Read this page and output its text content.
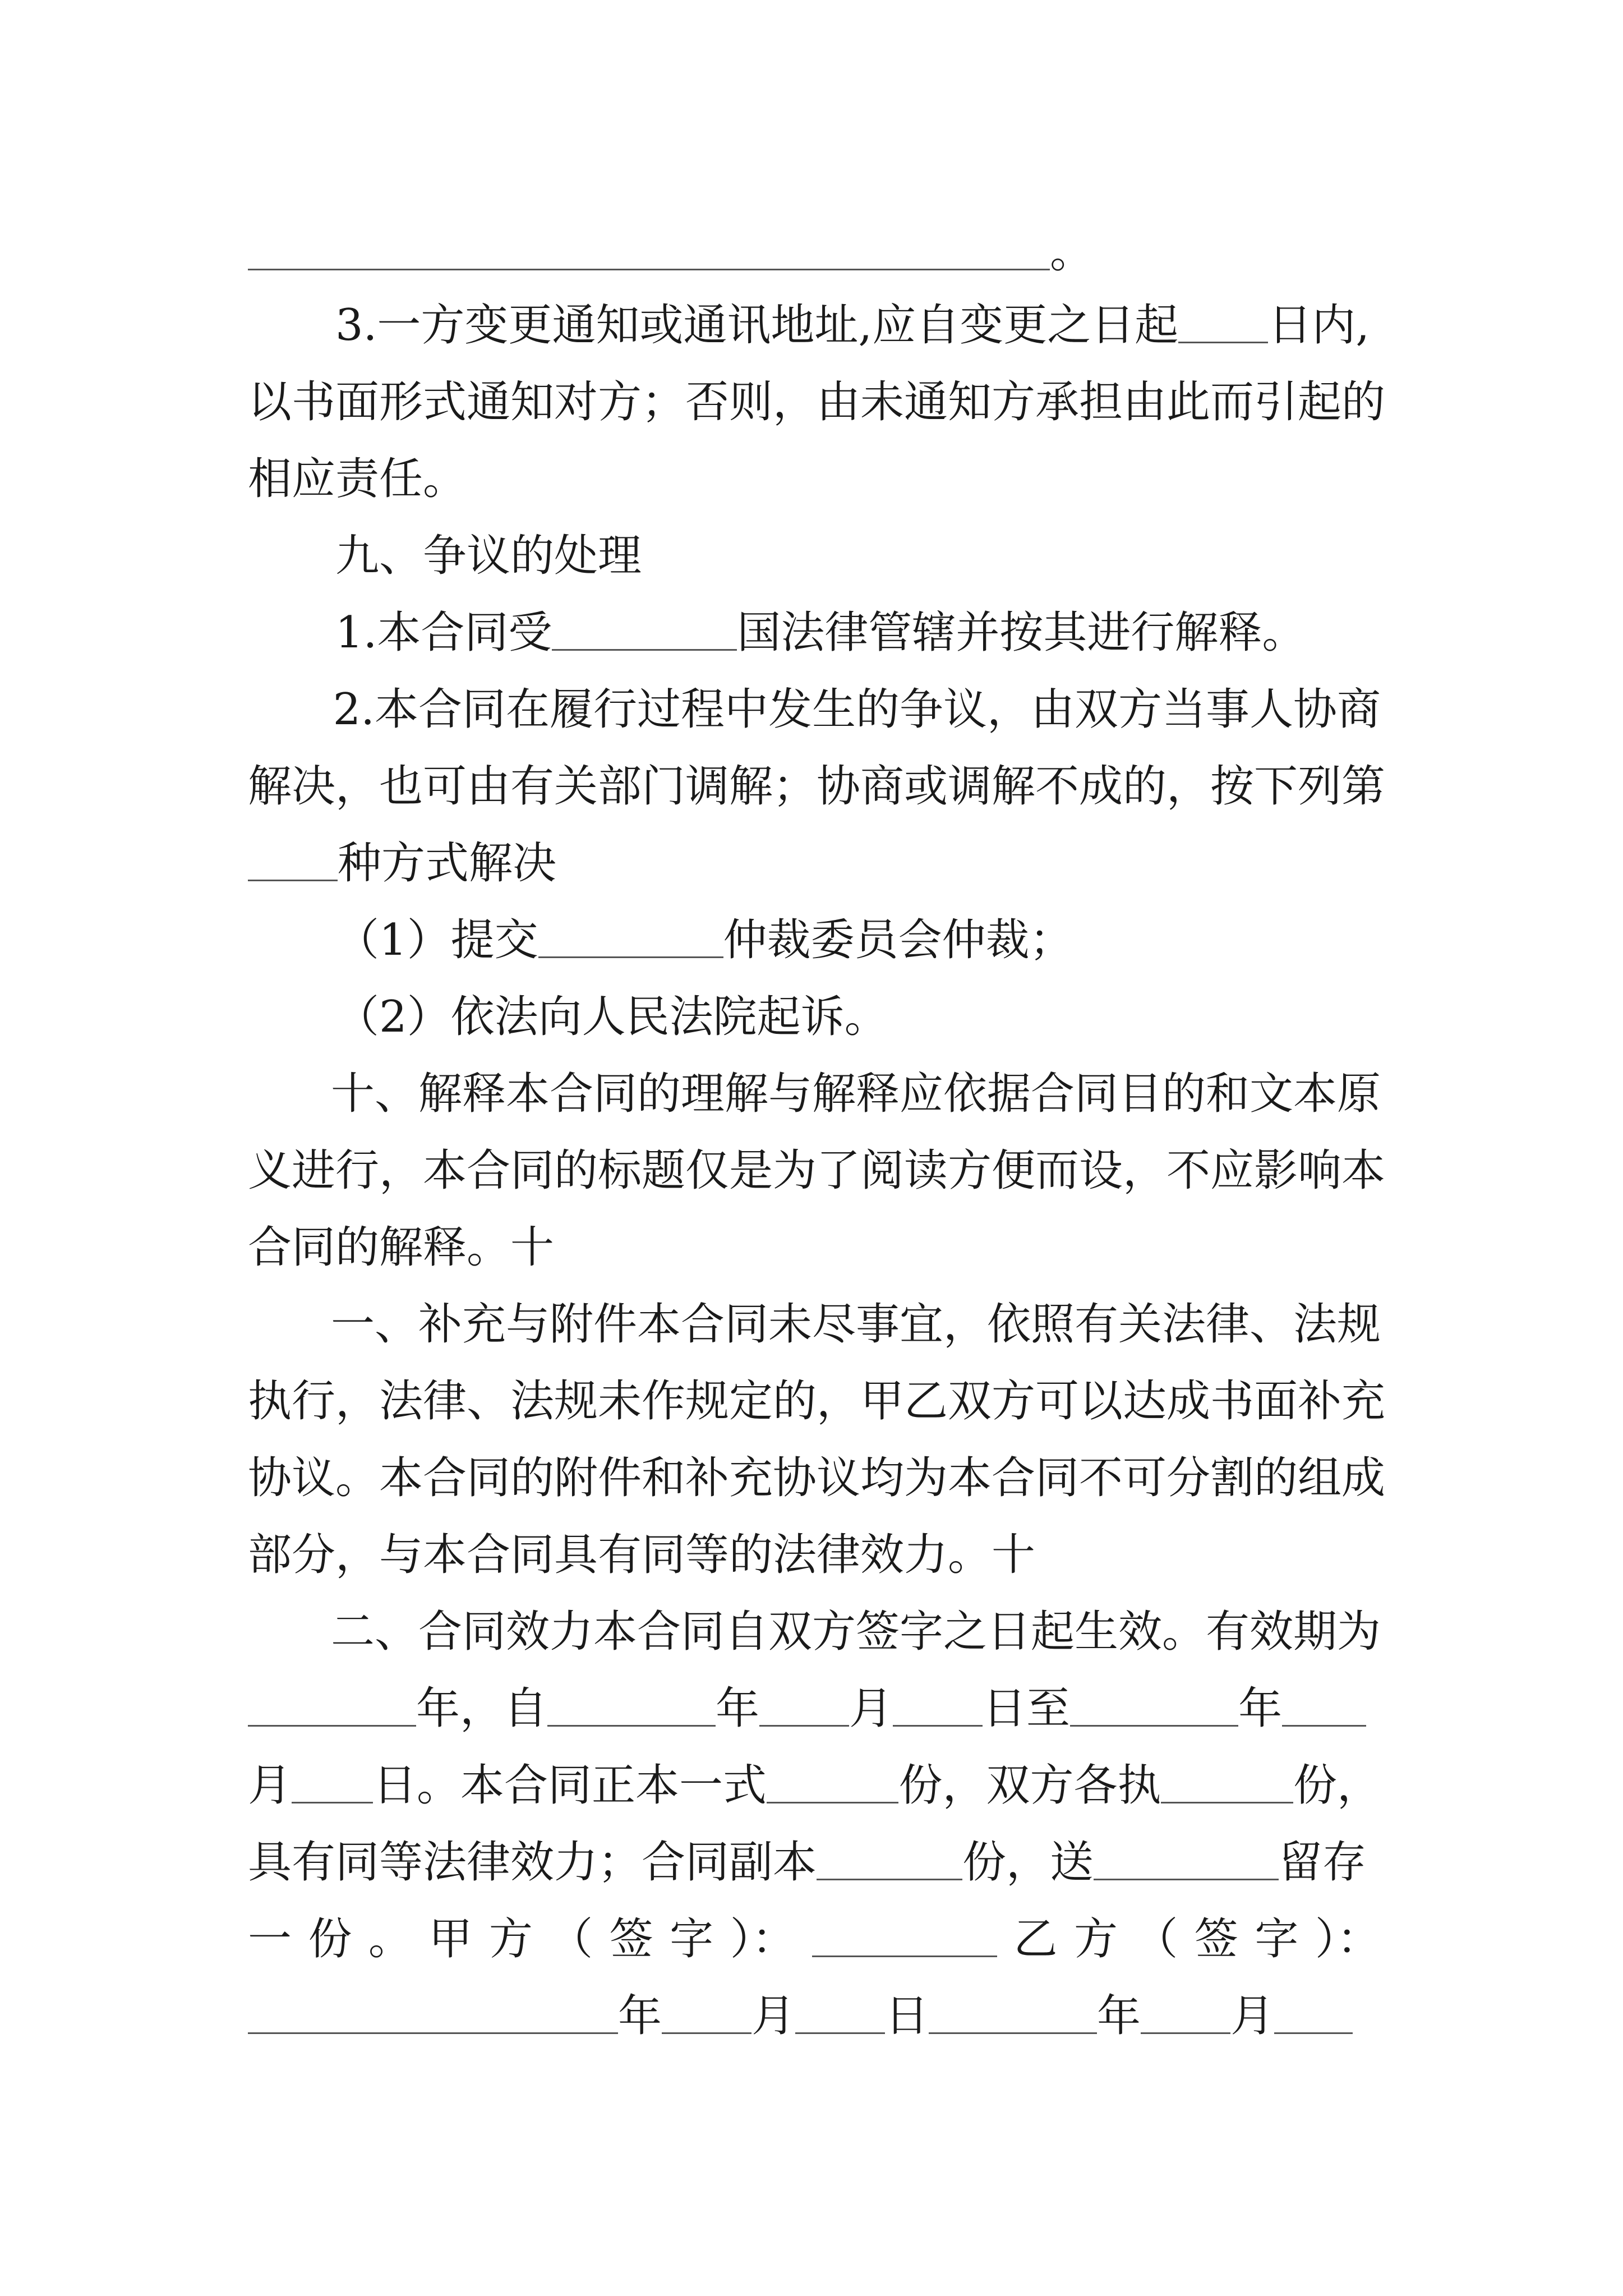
。
3.一方变更通知或通讯地址,应自变更之日起 日内,
以书面形式通知对方；否则，由未通知方承担由此而引起的
相应责任。
九、争议的处理
1.本合同受	国法律管辖并按其进行解释。
2.本合同在履行过程中发生的争议，由双方当事人协商
解决，也可由有关部门调解；协商或调解不成的，按下列第
种方式解决
（1）提交	仲裁委员会仲裁；
（2）依法向人民法院起诉。
十、解释本合同的理解与解释应依据合同目的和文本原
义进行，本合同的标题仅是为了阅读方便而设，不应影响本
合同的解释。十
一、补充与附件本合同未尽事宜，依照有关法律、法规
执行，法律、法规未作规定的，甲乙双方可以达成书面补充
协议。本合同的附件和补充协议均为本合同不可分割的组成
部分，与本合同具有同等的法律效力。十
二、合同效力本合同自双方签字之日起生效。有效期为
年，自	年 月 日至	年
月 日。本合同正本一式	份，双方各执	份，
具有同等法律效力；合同副本	份，送	留存
一 份 。 甲 方 （ 签 字 ）：	乙 方 （ 签 字 ）：
年 月 日	年 月
